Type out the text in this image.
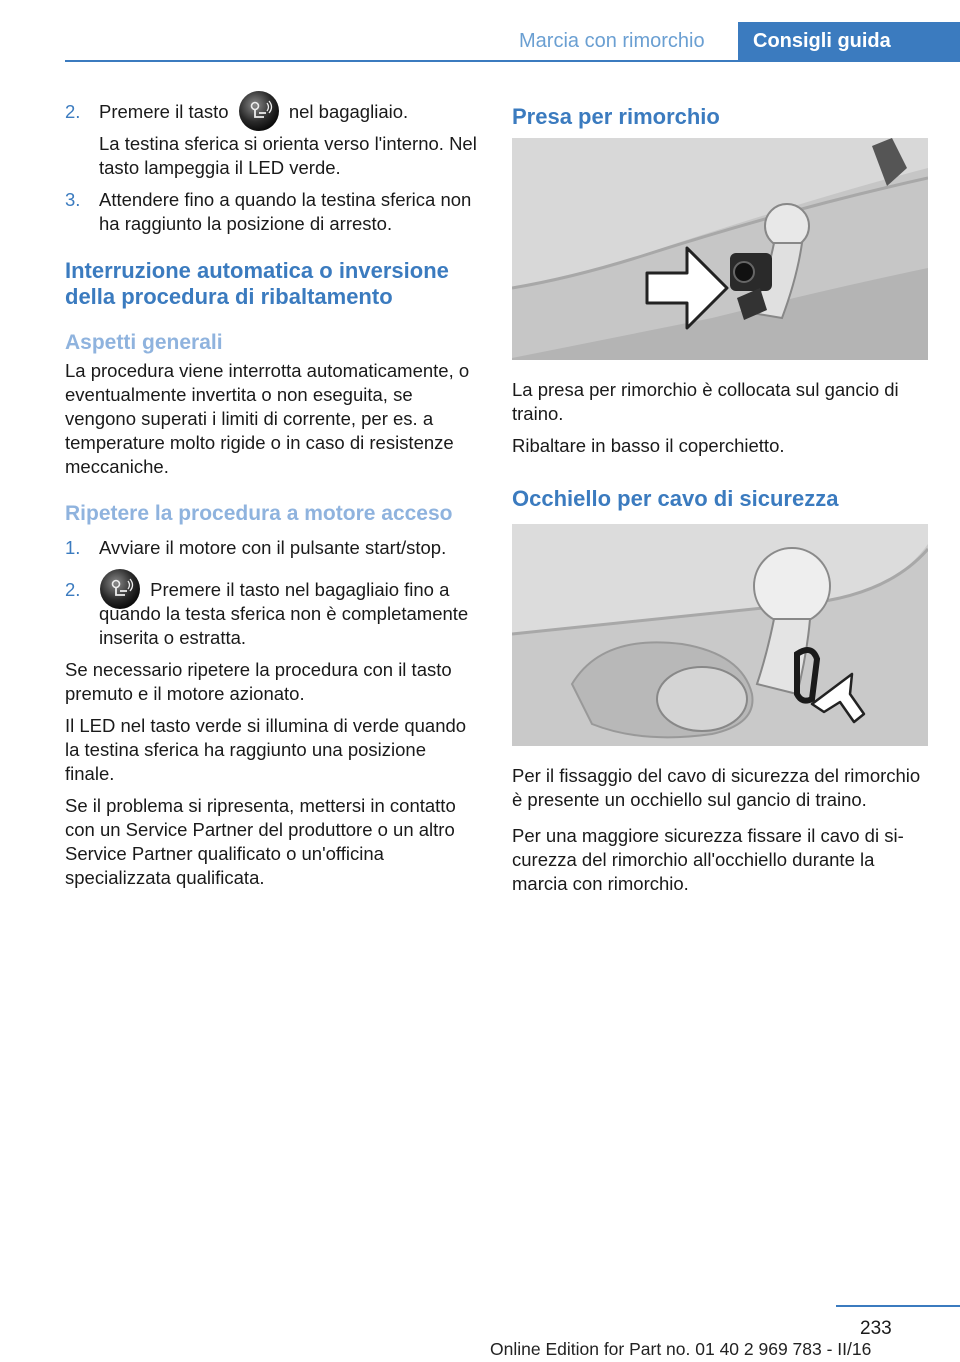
Marcia con rimorchio	Consigli guida
2. Premere il tasto	nel bagagliaio.

La testina sferica si orienta verso l'interno. Nel tasto lampeggia il LED verde.

3. Attendere fino a quando la testina sferica non ha raggiunto la posizione di arresto.

Interruzione automatica o inversione della procedura di ribaltamento
Aspetti generali

La procedura viene interrotta automaticamente, o eventualmente invertita o non eseguita, se vengono superati i limiti di corrente, per es. a temperature molto rigide o in caso di resistenze meccaniche.

Ripetere la procedura a motore acceso
1. Avviare il motore con il pulsante start/stop.

2.	Premere il tasto nel bagagliaio fino a quando la testa sferica non è completamente inserita o estratta.

Se necessario ripetere la procedura con il tasto premuto e il motore azionato.

Il LED nel tasto verde si illumina di verde quando la testina sferica ha raggiunto una posizione finale.

Se il problema si ripresenta, mettersi in contatto con un Service Partner del produttore o un altro Service Partner qualificato o un'officina specializzata qualificata.

Presa per rimorchio

La presa per rimorchio è collocata sul gancio di traino.

Ribaltare in basso il coperchietto.

Occhiello per cavo di sicurezza

Per il fissaggio del cavo di sicurezza del rimorchio è presente un occhiello sul gancio di traino.

Per una maggiore sicurezza fissare il cavo di sicurezza del rimorchio all'occhiello durante la marcia con rimorchio.

233
Online Edition for Part no. 01 40 2 969 783 - II/16
